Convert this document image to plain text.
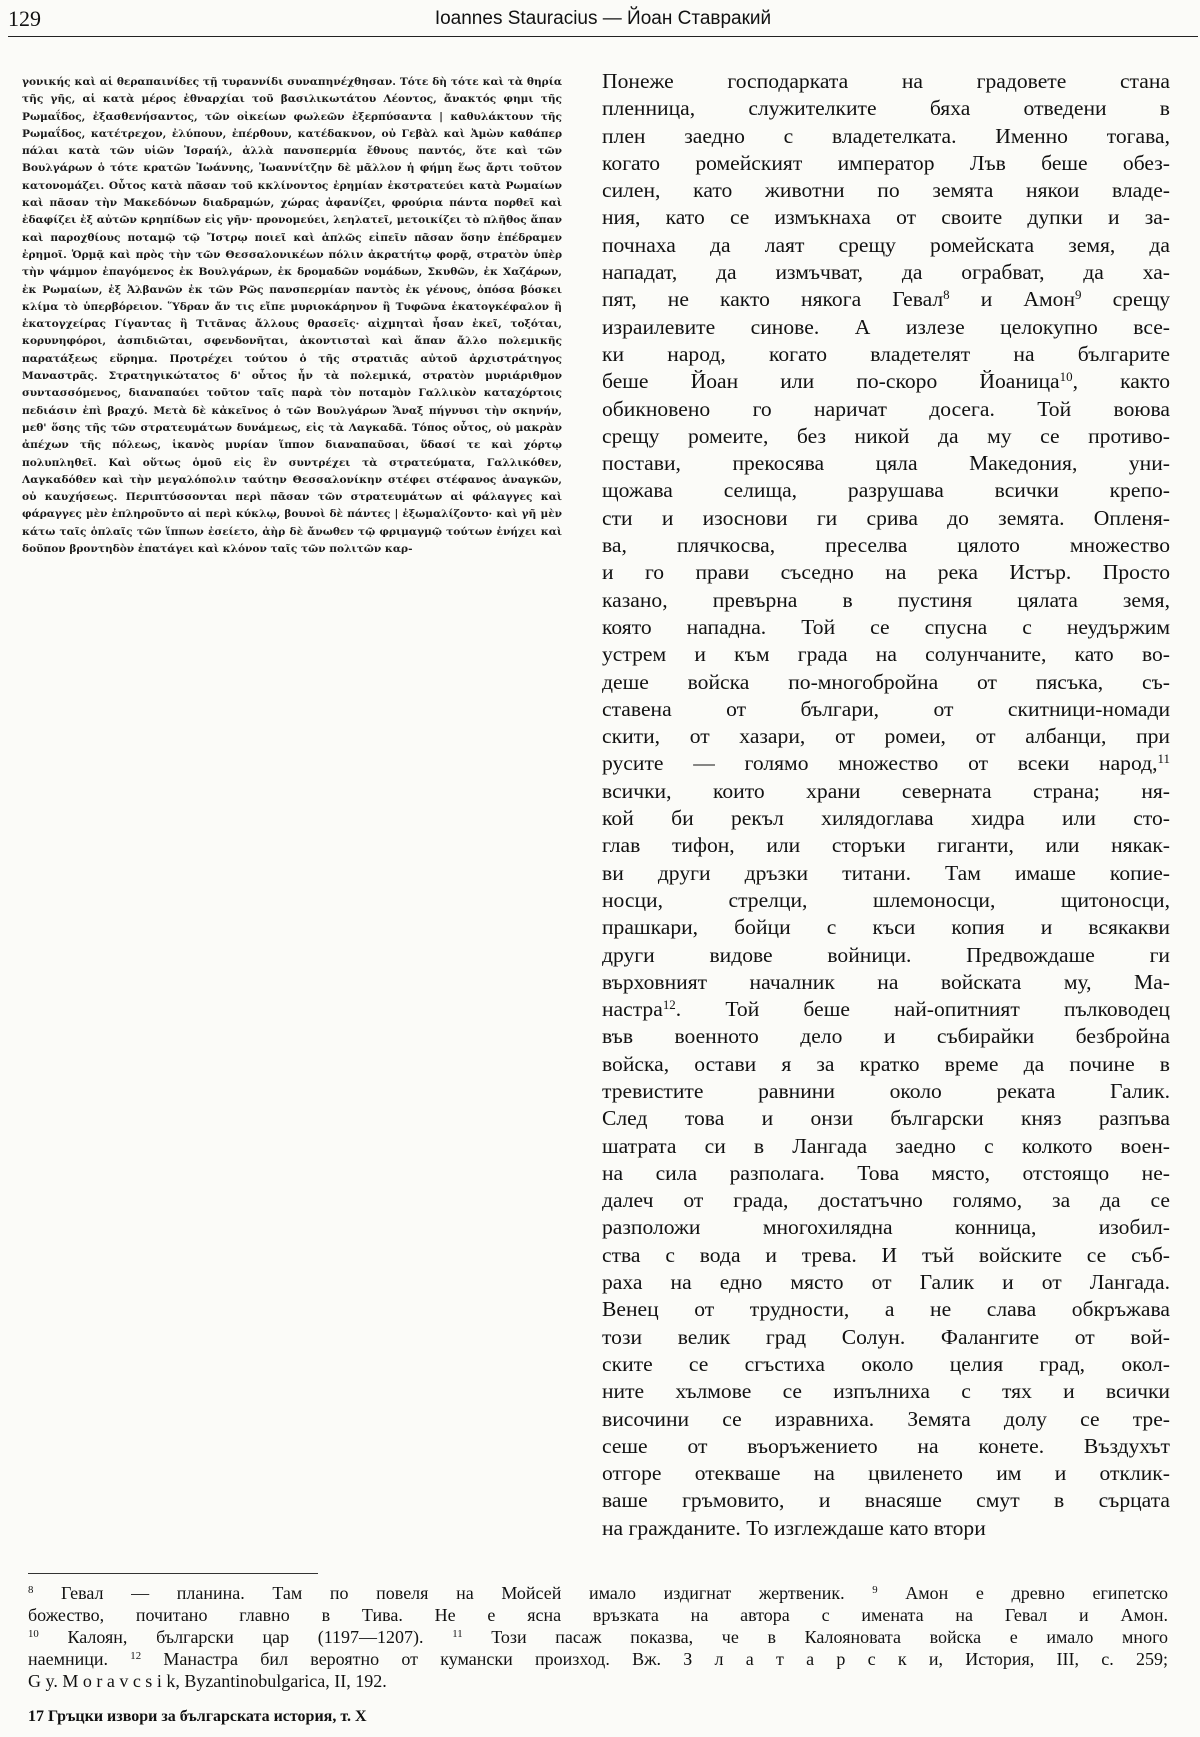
129	Ioannes Stauracius — Йоан Ставракий
γονικής καὶ αἱ θεραπαινίδες τῇ τυραννίδι συναπηνέχθησαν. Τότε δὴ τότε καὶ τὰ θηρία τῆς γῆς, αἱ κατὰ μέρος ἐθναρχίαι τοῦ βασιλικωτάτου Λέοντος, ἄνακτός φημι τῆς Ρωμαΐδος, ἐξασθενήσαντος, τῶν οἰκείων φωλεῶν ἐξερπύσαντα | καθυλάκτουν τῆς Ρωμαΐδος, κατέτρεχον, ἐλύπουν, ἐπέρθουν, κατέδακνον, οὐ Γεβὰλ καὶ Ἀμὼν καθάπερ πάλαι κατὰ τῶν υἱῶν Ἰσραήλ, ἀλλὰ πανσπερμία ἔθνους παντός, ὅτε καὶ τῶν Βουλγάρων ὁ τότε κρατῶν Ἰωάννης, Ἰωαννίτζην δὲ μᾶλλον ἡ φήμη ἕως ἄρτι τοῦτον κατονομάζει. Οὗτος κατὰ πᾶσαν τοῦ κκλίνοντος ἐρημίαν ἐκστρατεύει κατὰ Ρωμαίων καὶ πᾶσαν τὴν Μακεδόνων διαδραμών, χώρας ἀφανίζει, φρούρια πάντα πορθεῖ καὶ ἐδαφίζει ἐξ αὐτῶν κρηπίδων εἰς γῆν· προνομεύει, λεηλατεῖ, μετοικίζει τὸ πλῆθος ἅπαν καὶ παροχθίους ποταμῷ τῷ Ἴστρῳ ποιεῖ καὶ ἁπλῶς εἰπεῖν πᾶσαν ὅσην ἐπέδραμεν ἐρημοῖ. Ὁρμᾷ καὶ πρὸς τὴν τῶν Θεσσαλονικέων πόλιν ἀκρατήτῳ φορᾷ, στρατὸν ὑπὲρ τὴν ψάμμον ἐπαγόμενος ἐκ Βουλγάρων, ἐκ δρομαδῶν νομάδων, Σκυθῶν, ἐκ Χαζάρων, ἐκ Ρωμαίων, ἐξ Ἀλβανῶν ἐκ τῶν Ρῶς πανσπερμίαν παντὸς ἐκ γένους, ὁπόσα βόσκει κλίμα τὸ ὑπερβόρειον. Ὕδραν ἄν τις εἴπε μυριοκάρηνον ἢ Τυφῶνα ἑκατογκέφαλον ἢ ἑκατογχείρας Γίγαντας ἢ Τιτᾶνας ἄλλους θρασεῖς· αἰχμηταὶ ἦσαν ἐκεῖ, τοξόται, κορυνηφόροι, ἀσπιδιῶται, σφενδονῆται, ἀκοντισταὶ καὶ ἅπαν ἄλλο πολεμικῆς παρατάξεως εὕρημα. Προτρέχει τούτου ὁ τῆς στρατιᾶς αὐτοῦ ἀρχιστράτηγος Μαναστρᾶς. Στρατηγικώτατος δ' οὗτος ἦν τὰ πολεμικά, στρατὸν μυριάριθμον συντασσόμενος, διαναπαύει τοῦτον ταῖς παρὰ τὸν ποταμὸν Γαλλικὸν καταχόρτοις πεδιάσιν ἐπὶ βραχύ. Μετὰ δὲ κἀκεῖνος ὁ τῶν Βουλγάρων Ἄναξ πήγνυσι τὴν σκηνήν, μεθ' ὅσης τῆς τῶν στρατευμάτων δυνάμεως, εἰς τὰ Λαγκαδᾶ. Τόπος οὗτος, οὐ μακρὰν ἀπέχων τῆς πόλεως, ἱκανὸς μυρίαν ἵππον διαναπαῦσαι, ὕδασί τε καὶ χόρτῳ πολυπληθεῖ. Καὶ οὕτως ὁμοῦ εἰς ἓν συντρέχει τὰ στρατεύματα, Γαλλικόθεν, Λαγκαδόθεν καὶ τὴν μεγαλόπολιν ταύτην Θεσσαλονίκην στέφει στέφανος ἀναγκῶν, οὐ καυχήσεως. Περιπτύσσονται περὶ πᾶσαν τῶν στρατευμάτων αἱ φάλαγγες καὶ φάραγγες μὲν ἐπληροῦντο αἱ περὶ κύκλῳ, βουνοὶ δὲ πάντες | ἐξωμαλίζοντο· καὶ γῆ μὲν κάτω ταῖς ὁπλαῖς τῶν ἵππων ἐσείετο, ἀὴρ δὲ ἄνωθεν τῷ φριμαγμῷ τούτων ἐνήχει καὶ δοῦπον βροντηδὸν ἐπατάγει καὶ κλόνον ταῖς τῶν πολιτῶν καρ-
Понеже господарката на градовете стана
пленница, служителките бяха отведени в
плен заедно с владетелката. Именно тогава,
когато ромейският император Лъв беше обез-
силен, като животни по земята някои владе-
ния, като се измъкнаха от своите дупки и за-
почнаха да лаят срещу ромейската земя, да
нападат, да измъчват, да ограбват, да ха-
пят, не както някога Гевал$^8$ и Амон$^9$ срещу
израилевите синове. А излезе целокупно все-
ки народ, когато владетелят на българите
беше Йоан или по-скоро Йоаница$^{10}$, както
обикновено го наричат досега. Той воюва
срещу ромеите, без никой да му се противо-
постави, прекосява цяла Македония, уни-
щожава селища, разрушава всички крепо-
сти и изоснови ги срива до земята. Опленя-
ва, плячкосва, преселва цялото множество
и го прави съседно на река Истър. Просто
казано, превърна в пустиня цялата земя,
която нападна. Той се спусна с неудържим
устрем и към града на солунчаните, като во-
деше войска по-многобройна от пясъка, съ-
ставена от българи, от скитници-номади
скити, от хазари, от ромеи, от албанци, при
русите — голямо множество от всеки народ,$^{11}$
всички, които храни северната страна; ня-
кой би рекъл хилядоглава хидра или сто-
глав тифон, или сторъки гиганти, или някак-
ви други дръзки титани. Там имаше копие-
носци, стрелци, шлемоносци, щитоносци,
прашкари, бойци с къси копия и всякакви
други видове войници. Предвождаше ги
върховният началник на войската му, Ма-
настра$^{12}$. Той беше най-опитният пълководец
във военното дело и събирайки безбройна
войска, остави я за кратко време да почине в
тревистите равнини около реката Галик.
След това и онзи български княз разпъва
шатрата си в Лангада заедно с колкото воен-
на сила разполага. Това място, отстоящо не-
далеч от града, достатъчно голямо, за да се
разположи многохилядна конница, изобил-
ства с вода и трева. И тъй войските се съб-
раха на едно място от Галик и от Лангада.
Венец от трудности, а не слава обкръжава
този велик град Солун. Фалангите от вой-
ските се сгъстиха около целия град, окол-
ните хълмове се изпълниха с тях и всички
височини се изравниха. Земята долу се тре-
сеше от въоръжението на конете. Въздухът
отгоре отекваше на цвиленето им и отклик-
ваше гръмовито, и внасяше смут в сърцата
на гражданите. То изглеждаше като втори
$^8$ Гевал — планина. Там по повеля на Мойсей имало издигнат жертвеник. $^9$ Амон е древно египетско
божество, почитано главно в Тива. Не е ясна връзката на автора с имената на Гевал и Амон.
$^{10}$ Калоян, български цар (1197—1207). $^{11}$ Този пасаж показва, че в Калояновата войска е имало много
наемници. $^{12}$ Манастра бил вероятно от кумански произход. Вж. З л а т а р с к и, История, III, с. 259;
G y. M o r a v c s i k, Byzantinobulgarica, II, 192.
17 Гръцки извори за българската история, т. X
